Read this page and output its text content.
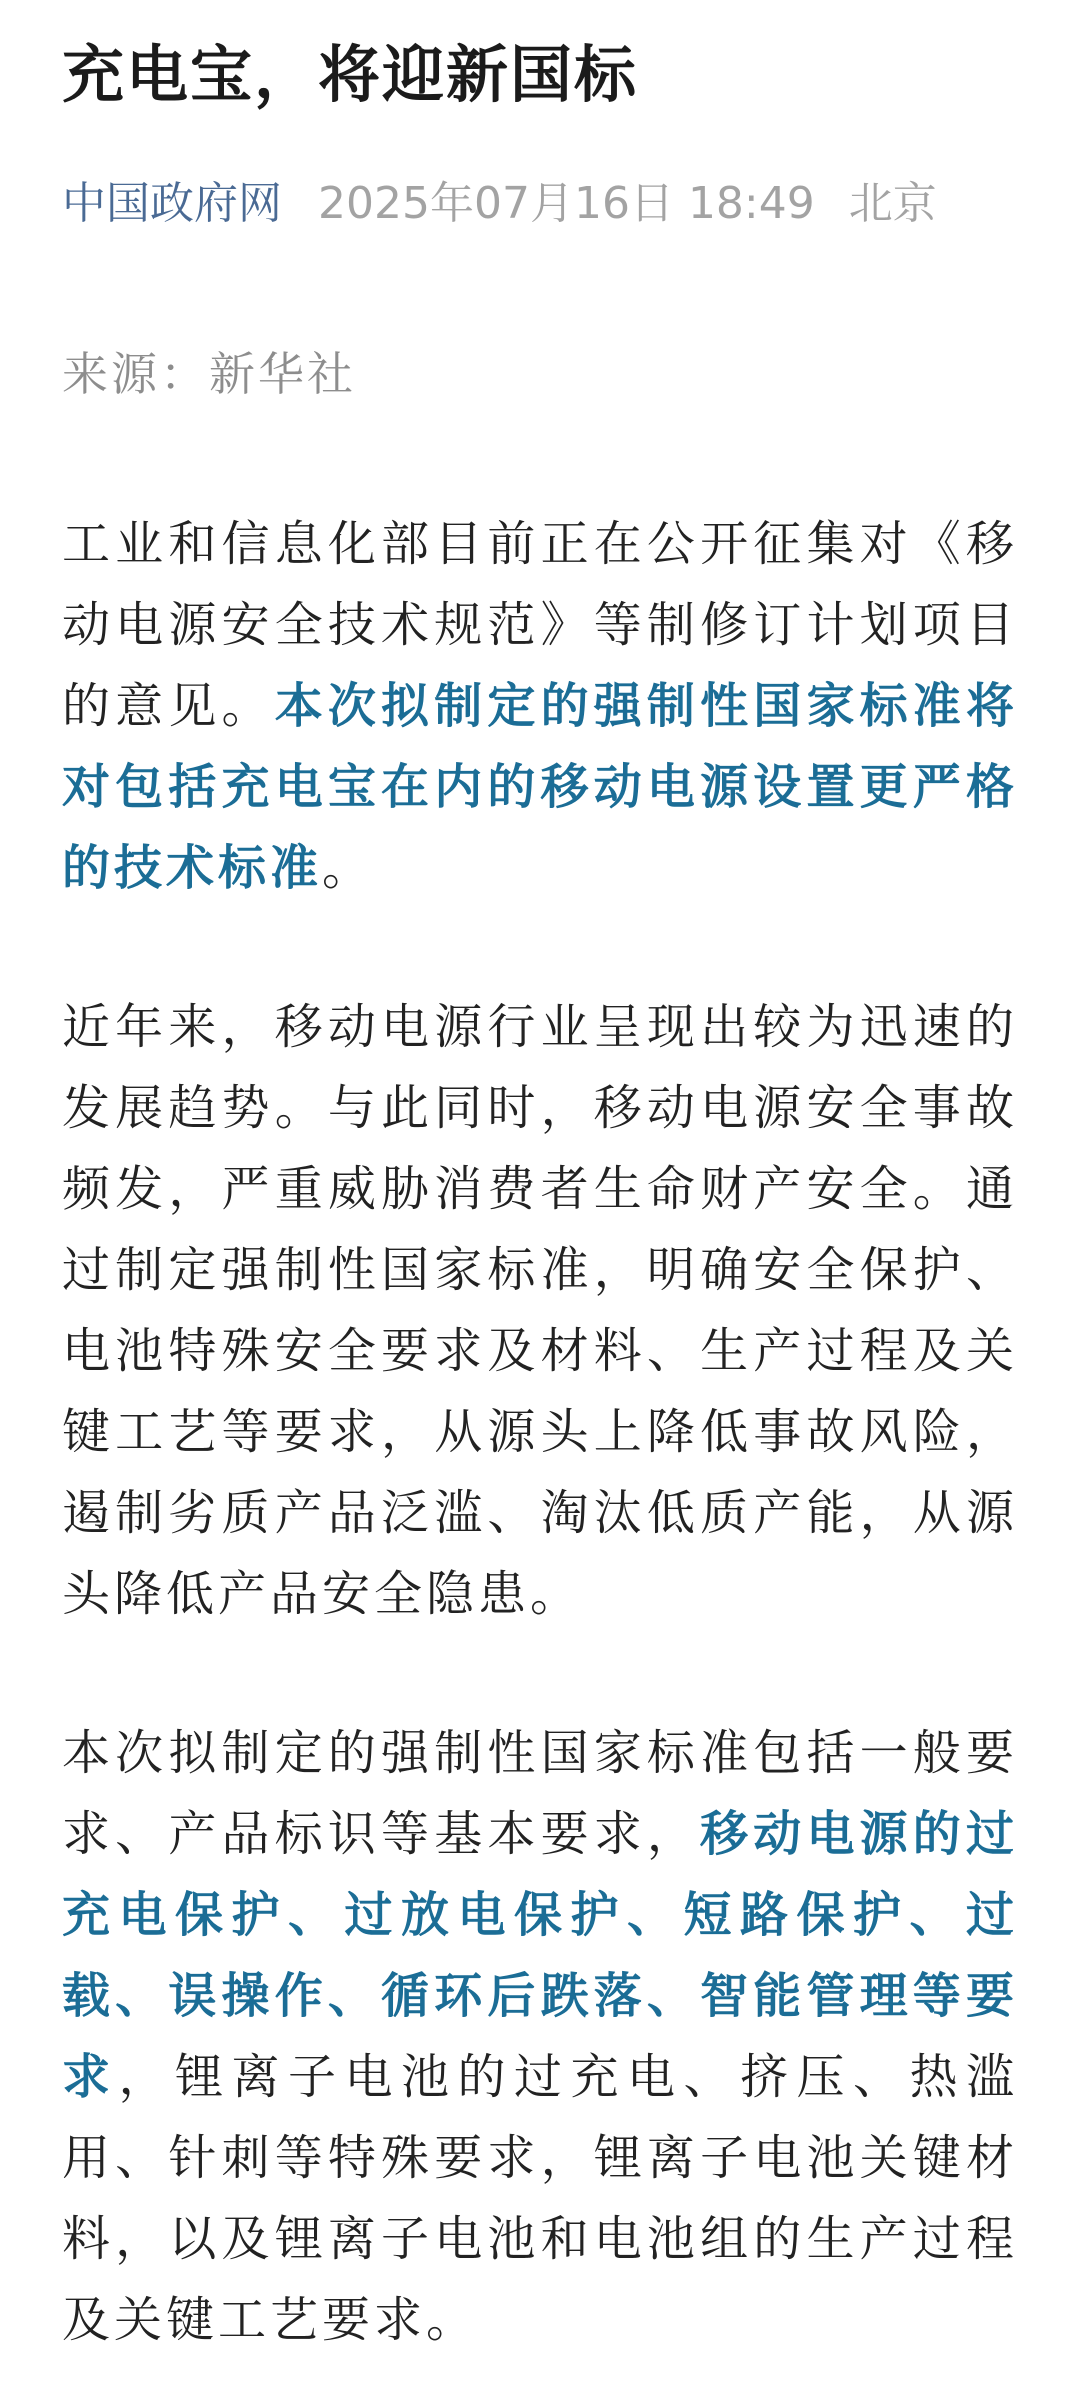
充电宝，将迎新国标
中国政府网 2025年07月16日 18:49 北京
来源：新华社

工业和信息化部目前正在公开征集对《移动电源安全技术规范》等制修订计划项目的意见。本次拟制定的强制性国家标准将对包括充电宝在内的移动电源设置更严格的技术标准。

近年来，移动电源行业呈现出较为迅速的发展趋势。与此同时，移动电源安全事故频发，严重威胁消费者生命财产安全。通过制定强制性国家标准，明确安全保护、电池特殊安全要求及材料、生产过程及关键工艺等要求，从源头上降低事故风险，遏制劣质产品泛滥、淘汰低质产能，从源头降低产品安全隐患。

本次拟制定的强制性国家标准包括一般要求、产品标识等基本要求，移动电源的过充电保护、过放电保护、短路保护、过载、误操作、循环后跌落、智能管理等要求，锂离子电池的过充电、挤压、热滥用、针刺等特殊要求，锂离子电池关键材料，以及锂离子电池和电池组的生产过程及关键工艺要求。
